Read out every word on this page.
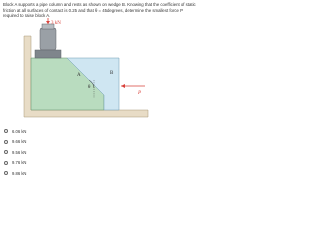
Block A supports a pipe column and rests as shown on wedge B. Knowing that the coefficient of static friction at all surfaces of contact is 0.25 and that θ = 45degrees, determine the smallest force P required to raise block A.
3 kN
A	B
θ
P
6.06 kN
9.66 kN
9.56 kN
9.76 kN
9.86 kN
